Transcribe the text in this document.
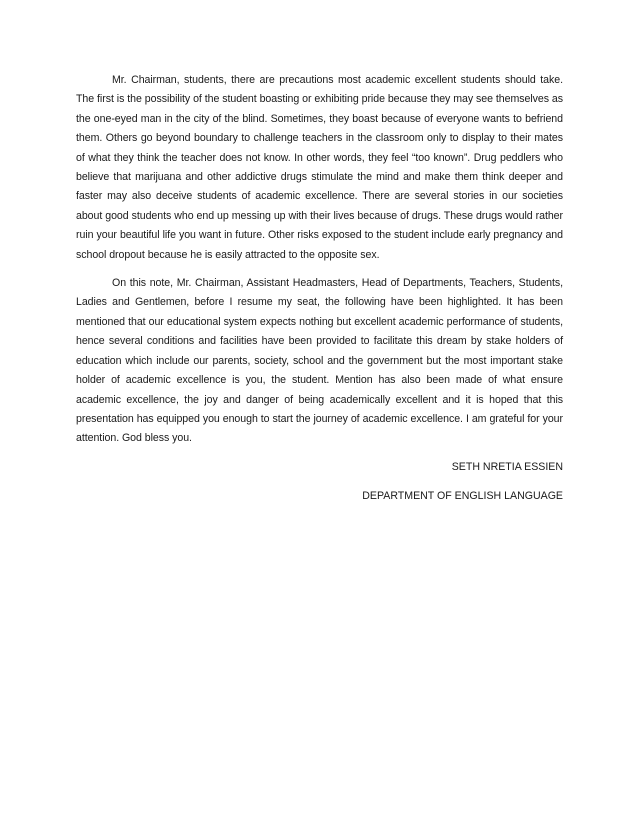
Mr. Chairman, students, there are precautions most academic excellent students should take. The first is the possibility of the student boasting or exhibiting pride because they may see themselves as the one-eyed man in the city of the blind. Sometimes, they boast because of everyone wants to befriend them. Others go beyond boundary to challenge teachers in the classroom only to display to their mates of what they think the teacher does not know. In other words, they feel “too known”. Drug peddlers who believe that marijuana and other addictive drugs stimulate the mind and make them think deeper and faster may also deceive students of academic excellence. There are several stories in our societies about good students who end up messing up with their lives because of drugs. These drugs would rather ruin your beautiful life you want in future. Other risks exposed to the student include early pregnancy and school dropout because he is easily attracted to the opposite sex.

On this note, Mr. Chairman, Assistant Headmasters, Head of Departments, Teachers, Students, Ladies and Gentlemen, before I resume my seat, the following have been highlighted. It has been mentioned that our educational system expects nothing but excellent academic performance of students, hence several conditions and facilities have been provided to facilitate this dream by stake holders of education which include our parents, society, school and the government but the most important stake holder of academic excellence is you, the student. Mention has also been made of what ensure academic excellence, the joy and danger of being academically excellent and it is hoped that this presentation has equipped you enough to start the journey of academic excellence. I am grateful for your attention. God bless you.

SETH NRETIA ESSIEN

DEPARTMENT OF ENGLISH LANGUAGE
